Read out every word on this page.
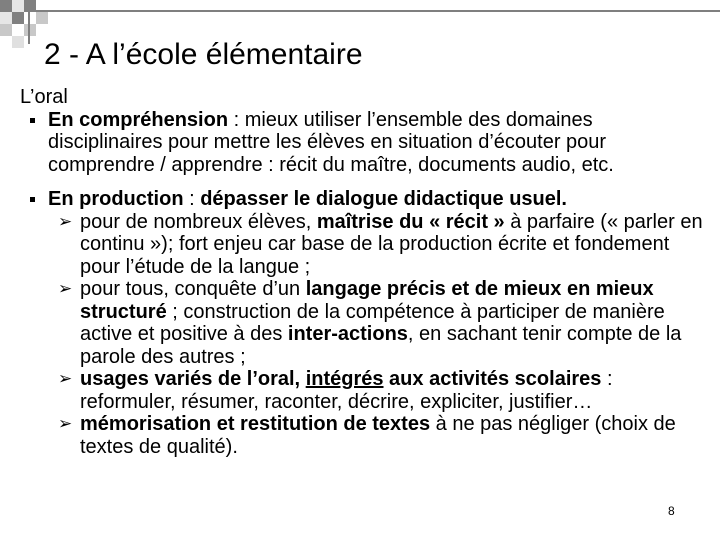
2 - A l’école élémentaire

L’oral

En compréhension : mieux utiliser l’ensemble des domaines disciplinaires pour mettre les élèves en situation d’écouter pour comprendre / apprendre : récit du maître, documents audio, etc.

En production : dépasser le dialogue didactique usuel.

➢ pour de nombreux élèves, maîtrise du « récit » à parfaire (« parler en continu »); fort enjeu car base de la production écrite et fondement pour l’étude de la langue ;

➢ pour tous, conquête d’un langage précis et de mieux en mieux structuré ; construction de la compétence à participer de manière active et positive à des inter-actions, en sachant tenir compte de la parole des autres ;

➢ usages variés de l’oral, intégrés aux activités scolaires : reformuler, résumer, raconter, décrire, expliciter, justifier…

➢ mémorisation et restitution de textes à ne pas négliger (choix de textes de qualité).

8
